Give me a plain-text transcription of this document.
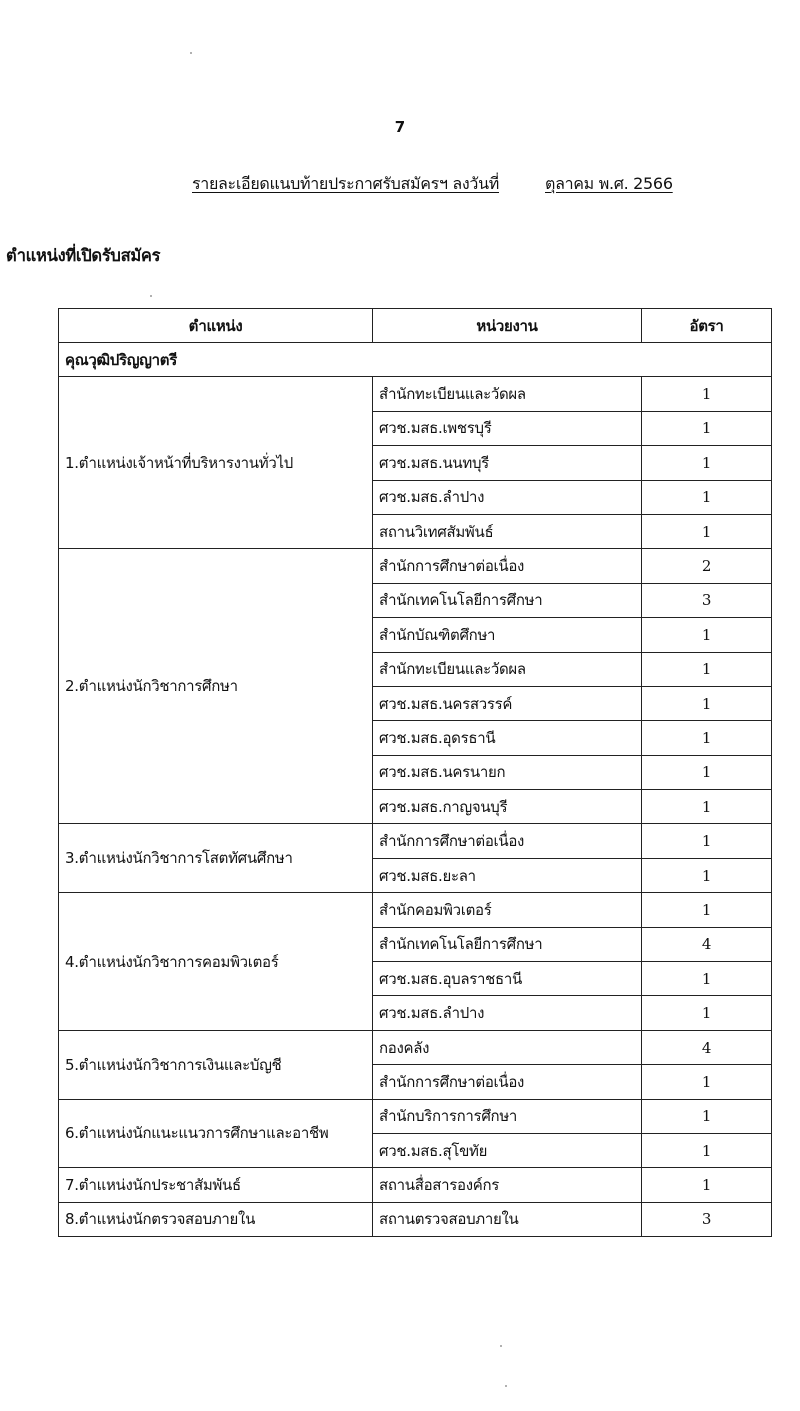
7
รายละเอียดแนบท้ายประกาศรับสมัครฯ ลงวันที่	ตุลาคม พ.ศ. 2566
ตำแหน่งที่เปิดรับสมัคร
ตำแหน่ง	หน่วยงาน	อัตรา
คุณวุฒิปริญญาตรี		
1.ตำแหน่งเจ้าหน้าที่บริหารงานทั่วไป	สำนักทะเบียนและวัดผล	1
	ศวช.มสธ.เพชรบุรี	1
	ศวช.มสธ.นนทบุรี	1
	ศวช.มสธ.ลำปาง	1
	สถานวิเทศสัมพันธ์	1
2.ตำแหน่งนักวิชาการศึกษา	สำนักการศึกษาต่อเนื่อง	2
	สำนักเทคโนโลยีการศึกษา	3
	สำนักบัณฑิตศึกษา	1
	สำนักทะเบียนและวัดผล	1
	ศวช.มสธ.นครสวรรค์	1
	ศวช.มสธ.อุดรธานี	1
	ศวช.มสธ.นครนายก	1
	ศวช.มสธ.กาญจนบุรี	1
3.ตำแหน่งนักวิชาการโสตทัศนศึกษา	สำนักการศึกษาต่อเนื่อง	1
	ศวช.มสธ.ยะลา	1
4.ตำแหน่งนักวิชาการคอมพิวเตอร์	สำนักคอมพิวเตอร์	1
	สำนักเทคโนโลยีการศึกษา	4
	ศวช.มสธ.อุบลราชธานี	1
	ศวช.มสธ.ลำปาง	1
5.ตำแหน่งนักวิชาการเงินและบัญชี	กองคลัง	4
	สำนักการศึกษาต่อเนื่อง	1
6.ตำแหน่งนักแนะแนวการศึกษาและอาชีพ	สำนักบริการการศึกษา	1
	ศวช.มสธ.สุโขทัย	1
7.ตำแหน่งนักประชาสัมพันธ์	สถานสื่อสารองค์กร	1
8.ตำแหน่งนักตรวจสอบภายใน	สถานตรวจสอบภายใน	3
